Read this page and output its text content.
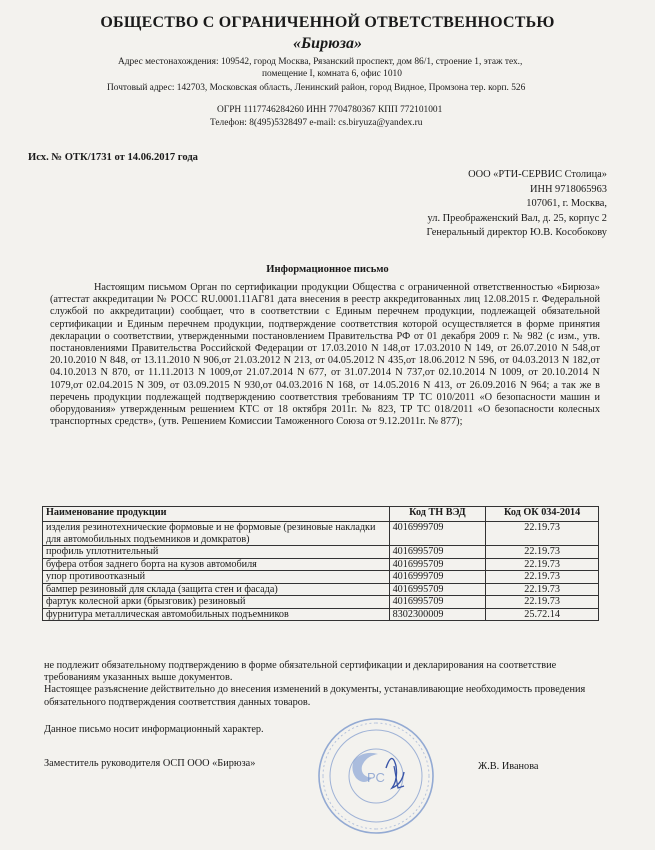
ОБЩЕСТВО С ОГРАНИЧЕННОЙ ОТВЕТСТВЕННОСТЬЮ
«Бирюза»
Адрес местонахождения: 109542, город Москва, Рязанский проспект, дом 86/1, строение 1, этаж тех.,
помещение I, комната 6, офис 1010
Почтовый адрес: 142703, Московская область, Ленинский район, город Видное, Промзона тер. корп. 526
ОГРН 1117746284260 ИНН 7704780367 КПП 772101001
Телефон: 8(495)5328497 e-mail: cs.biryuza@yandex.ru
Исх. № ОТК/1731 от 14.06.2017 года
ООО «РТИ-СЕРВИС Столица»
ИНН 9718065963
107061, г. Москва,
ул. Преображенский Вал, д. 25, корпус 2
Генеральный директор Ю.В. Кособокову
Информационное письмо
Настоящим письмом Орган по сертификации продукции Общества с ограниченной ответственностью «Бирюза» (аттестат аккредитации № РОСС RU.0001.11АГ81 дата внесения в реестр аккредитованных лиц 12.08.2015 г. Федеральной службой по аккредитации) сообщает, что в соответствии с Единым перечнем продукции, подлежащей обязательной сертификации и Единым перечнем продукции, подтверждение соответствия которой осуществляется в форме принятия декларации о соответствии, утвержденными постановлением Правительства РФ от 01 декабря 2009 г. № 982 (с изм., утв. постановлениями Правительства Российской Федерации от 17.03.2010 N 148,от 17.03.2010 N 149, от 26.07.2010 N 548,от 20.10.2010 N 848, от 13.11.2010 N 906,от 21.03.2012 N 213, от 04.05.2012 N 435,от 18.06.2012 N 596, от 04.03.2013 N 182,от 04.10.2013 N 870, от 11.11.2013 N 1009,от 21.07.2014 N 677, от 31.07.2014 N 737,от 02.10.2014 N 1009, от 20.10.2014 N 1079,от 02.04.2015 N 309, от 03.09.2015 N 930,от 04.03.2016 N 168, от 14.05.2016 N 413, от 26.09.2016 N 964; а так же в перечень продукции подлежащей подтверждению соответствия требованиям ТР ТС 010/2011 «О безопасности машин и оборудования» утвержденным решением КТС от 18 октября 2011г. № 823, ТР ТС 018/2011 «О безопасности колесных транспортных средств», (утв. Решением Комиссии Таможенного Союза от 9.12.2011г. № 877);
Наименование продукции	Код ТН ВЭД	Код ОК 034-2014
изделия резинотехнические формовые и не формовые (резиновые накладки для автомобильных подъемников и домкратов)	4016999709	22.19.73
профиль уплотнительный	4016995709	22.19.73
буфера отбоя заднего борта на кузов автомобиля	4016995709	22.19.73
упор противоотказный	4016999709	22.19.73
бампер резиновый для склада (защита стен и фасада)	4016995709	22.19.73
фартук колесной арки (брызговик) резиновый	4016995709	22.19.73
фурнитура металлическая автомобильных подъемников	8302300009	25.72.14

не подлежит обязательному подтверждению в форме обязательной сертификации и декларирования на соответствие требованиям указанных выше документов.

Настоящее разъяснение действительно до внесения изменений в документы, устанавливающие необходимость проведения обязательного подтверждения соответствия данных товаров.

Данное письмо носит информационный характер.
РС
Заместитель руководителя ОСП ООО «Бирюза»	Ж.В. Иванова
